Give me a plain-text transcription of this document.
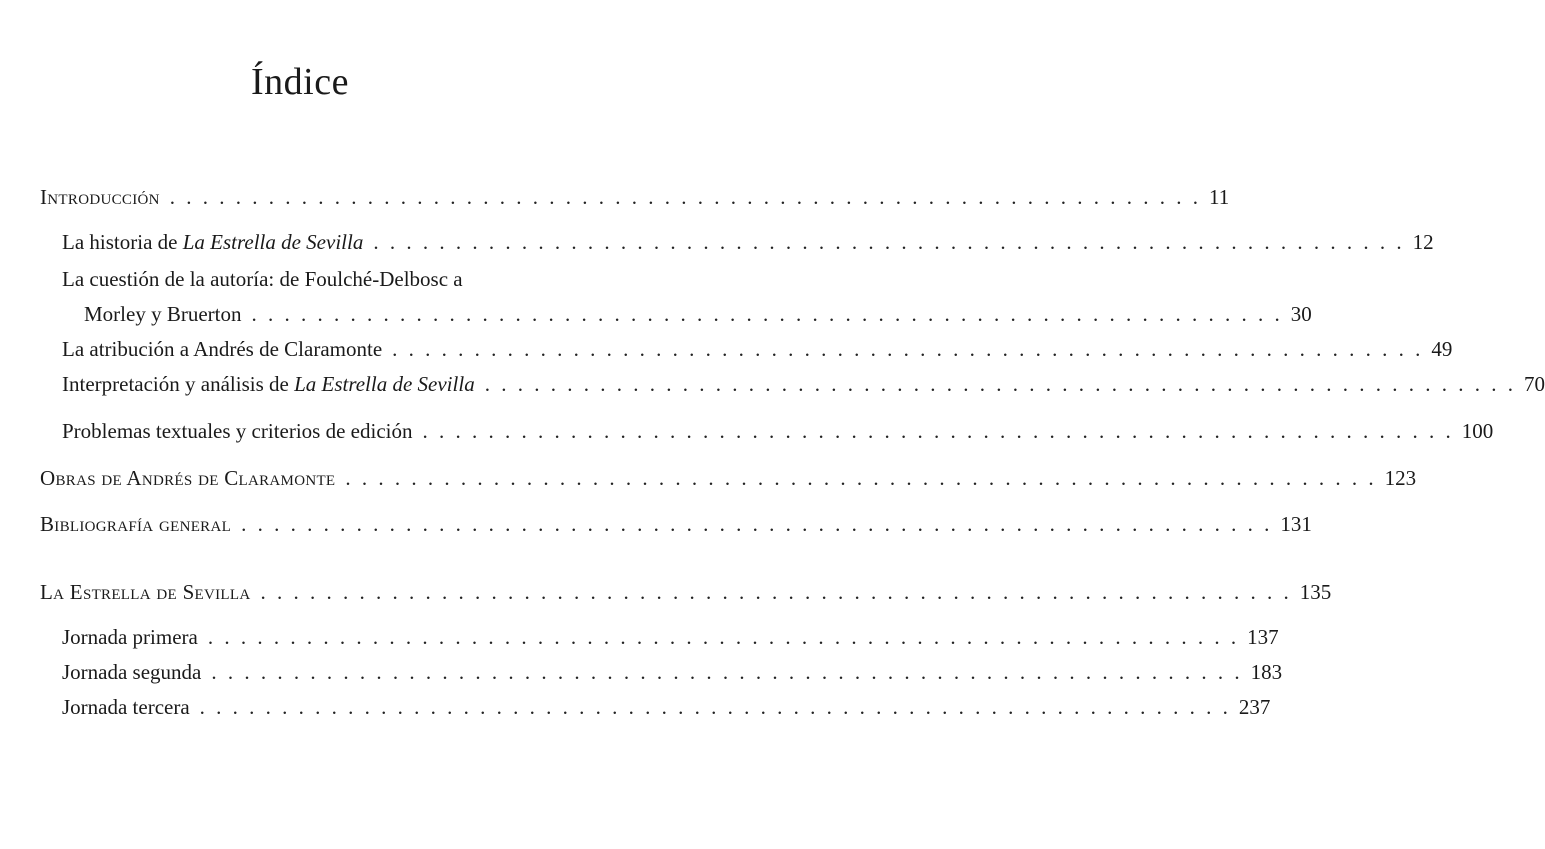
Índice
Introducción . . . . . . . . . . . . . . . . . . . . . . . . . . . . . . . . . . . . . . . . . . . . . . . . . . . . . . . . . . . . . . . 11
La historia de La Estrella de Sevilla . . . . . . . . . . . . . . . . . . . . . . . . . . . . . . . . . . . . . . . . . . . . . . . . . . . . . . . . . . . . . . . 12
La cuestión de la autoría: de Foulché-Delbosc a
Morley y Bruerton . . . . . . . . . . . . . . . . . . . . . . . . . . . . . . . . . . . . . . . . . . . . . . . . . . . . . . . . . . . . . . . 30
La atribución a Andrés de Claramonte . . . . . . . . . . . . . . . . . . . . . . . . . . . . . . . . . . . . . . . . . . . . . . . . . . . . . . . . . . . . . . . 49
Interpretación y análisis de La Estrella de Sevilla . . . . . . . . . . . . . . . . . . . . . . . . . . . . . . . . . . . . . . . . . . . . . . . . . . . . . . . . . . . . . . . 70
Problemas textuales y criterios de edición . . . . . . . . . . . . . . . . . . . . . . . . . . . . . . . . . . . . . . . . . . . . . . . . . . . . . . . . . . . . . . . 100
Obras de Andrés de Claramonte . . . . . . . . . . . . . . . . . . . . . . . . . . . . . . . . . . . . . . . . . . . . . . . . . . . . . . . . . . . . . . . 123
Bibliografía general . . . . . . . . . . . . . . . . . . . . . . . . . . . . . . . . . . . . . . . . . . . . . . . . . . . . . . . . . . . . . . . 131
La Estrella de Sevilla . . . . . . . . . . . . . . . . . . . . . . . . . . . . . . . . . . . . . . . . . . . . . . . . . . . . . . . . . . . . . . . 135
Jornada primera . . . . . . . . . . . . . . . . . . . . . . . . . . . . . . . . . . . . . . . . . . . . . . . . . . . . . . . . . . . . . . . 137
Jornada segunda . . . . . . . . . . . . . . . . . . . . . . . . . . . . . . . . . . . . . . . . . . . . . . . . . . . . . . . . . . . . . . . 183
Jornada tercera . . . . . . . . . . . . . . . . . . . . . . . . . . . . . . . . . . . . . . . . . . . . . . . . . . . . . . . . . . . . . . . 237
